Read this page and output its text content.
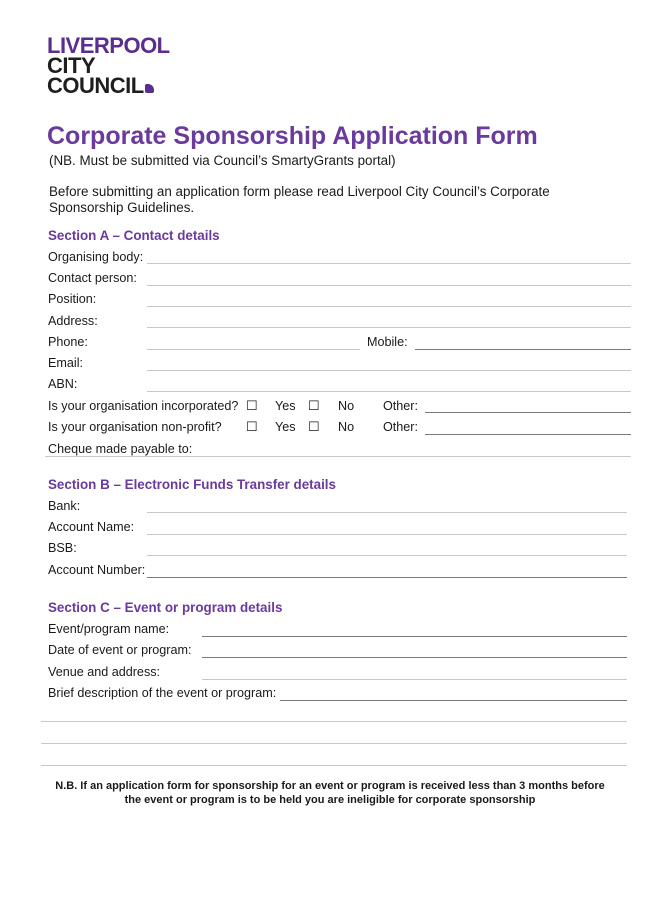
LIVERPOOL
CITY
COUNCIL
Corporate Sponsorship Application Form
(NB. Must be submitted via Council’s SmartyGrants portal)
Before submitting an application form please read Liverpool City Council’s Corporate
Sponsorship Guidelines.
Section A – Contact details
Organising body:
Contact person:
Position:
Address:
Phone:	Mobile:
Email:
ABN:
Is your organisation incorporated? ☐ Yes ☐ No Other:
Is your organisation non-profit? ☐ Yes ☐ No Other:
Cheque made payable to:
Section B – Electronic Funds Transfer details
Bank:
Account Name:
BSB:
Account Number:
Section C – Event or program details
Event/program name:
Date of event or program:
Venue and address:
Brief description of the event or program:
N.B. If an application form for sponsorship for an event or program is received less than 3 months before
the event or program is to be held you are ineligible for corporate sponsorship
